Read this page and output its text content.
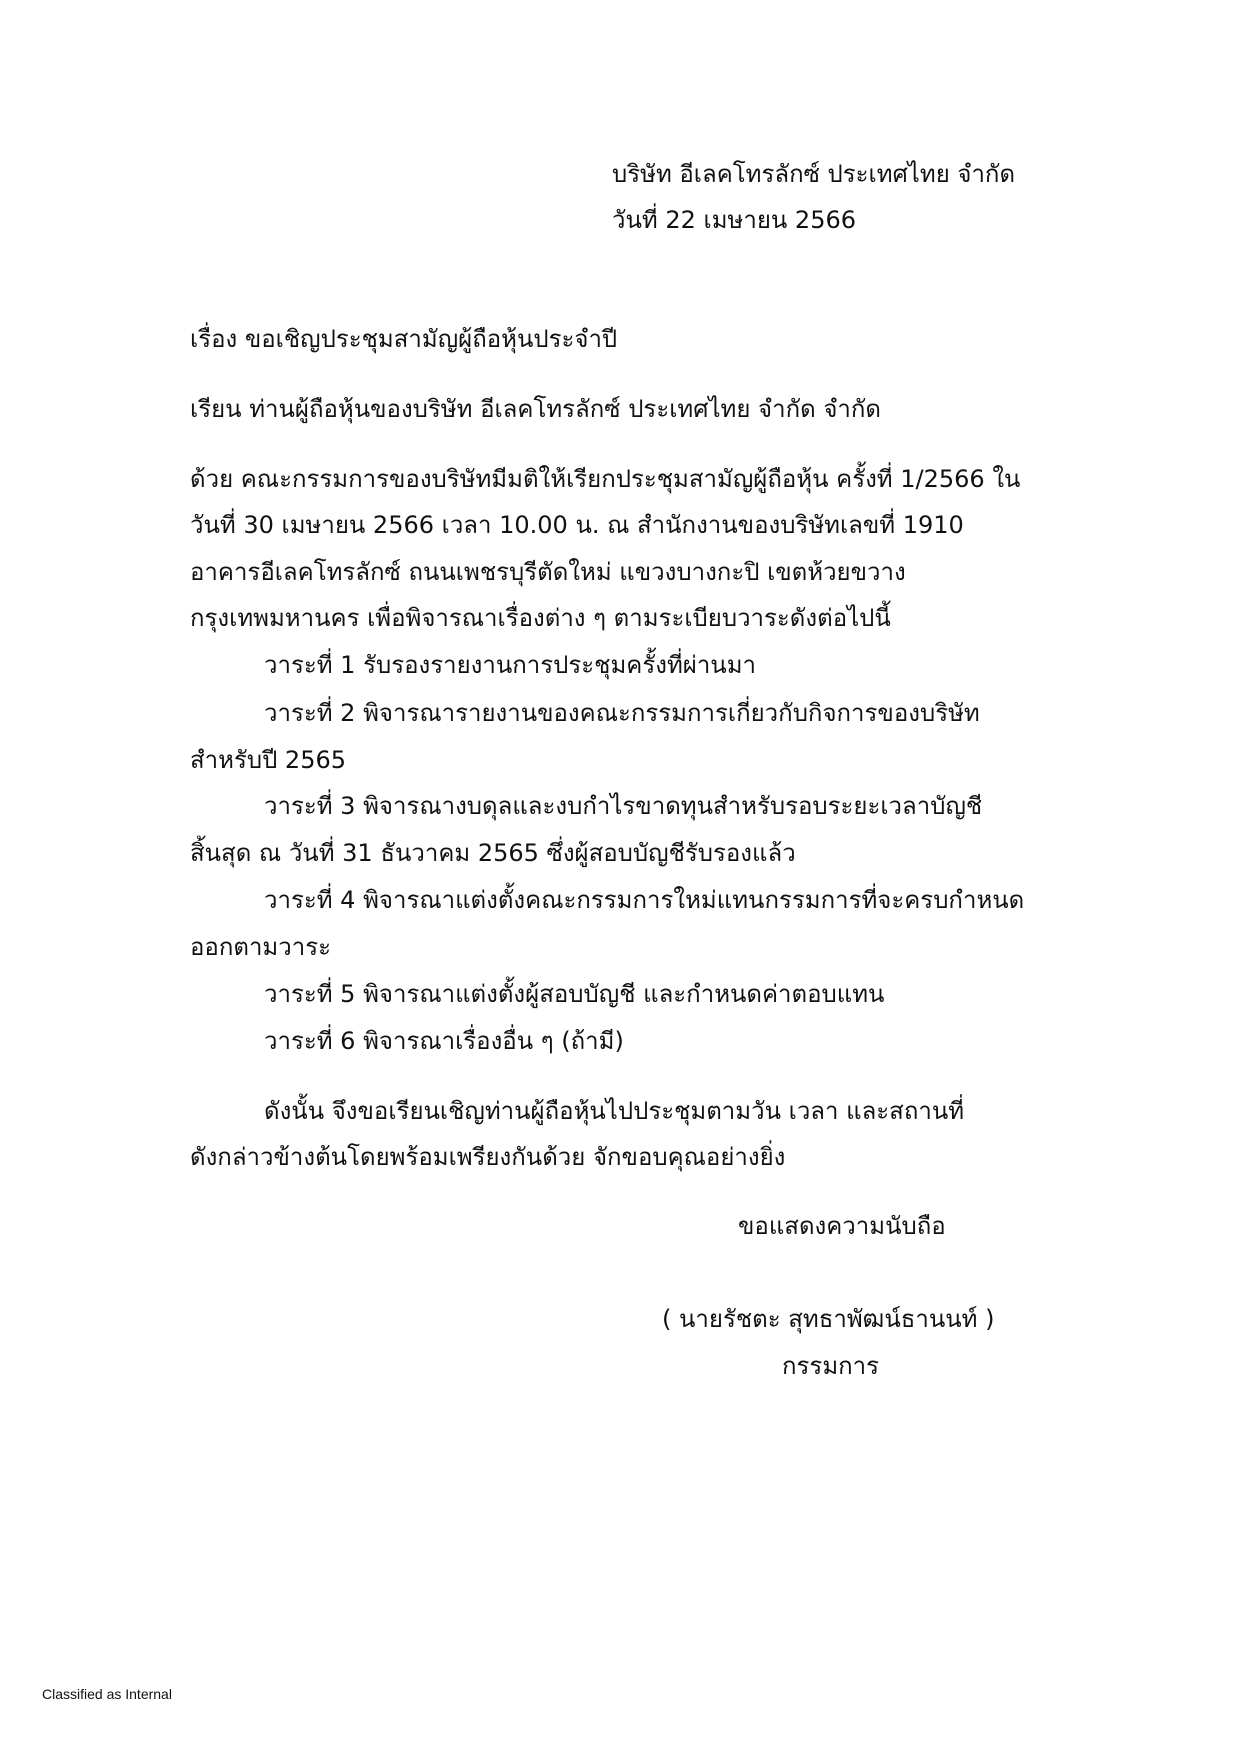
บริษัท อีเลคโทรลักซ์ ประเทศไทย จำกัด
วันที่ 22 เมษายน 2566
เรื่อง ขอเชิญประชุมสามัญผู้ถือหุ้นประจำปี
เรียน ท่านผู้ถือหุ้นของบริษัท อีเลคโทรลักซ์ ประเทศไทย จำกัด จำกัด
ด้วย คณะกรรมการของบริษัทมีมติให้เรียกประชุมสามัญผู้ถือหุ้น ครั้งที่ 1/2566 ใน
วันที่ 30 เมษายน 2566 เวลา 10.00 น. ณ สำนักงานของบริษัทเลขที่ 1910
อาคารอีเลคโทรลักซ์ ถนนเพชรบุรีตัดใหม่ แขวงบางกะปิ เขตห้วยขวาง
กรุงเทพมหานคร เพื่อพิจารณาเรื่องต่าง ๆ ตามระเบียบวาระดังต่อไปนี้
วาระที่ 1 รับรองรายงานการประชุมครั้งที่ผ่านมา
วาระที่ 2 พิจารณารายงานของคณะกรรมการเกี่ยวกับกิจการของบริษัท
สำหรับปี 2565
วาระที่ 3 พิจารณางบดุลและงบกำไรขาดทุนสำหรับรอบระยะเวลาบัญชี
สิ้นสุด ณ วันที่ 31 ธันวาคม 2565 ซึ่งผู้สอบบัญชีรับรองแล้ว
วาระที่ 4 พิจารณาแต่งตั้งคณะกรรมการใหม่แทนกรรมการที่จะครบกำหนด
ออกตามวาระ
วาระที่ 5 พิจารณาแต่งตั้งผู้สอบบัญชี และกำหนดค่าตอบแทน
วาระที่ 6 พิจารณาเรื่องอื่น ๆ (ถ้ามี)
ดังนั้น จึงขอเรียนเชิญท่านผู้ถือหุ้นไปประชุมตามวัน เวลา และสถานที่
ดังกล่าวข้างต้นโดยพร้อมเพรียงกันด้วย จักขอบคุณอย่างยิ่ง
ขอแสดงความนับถือ
( นายรัชตะ สุทธาพัฒน์ธานนท์ )
กรรมการ
Classified as Internal
